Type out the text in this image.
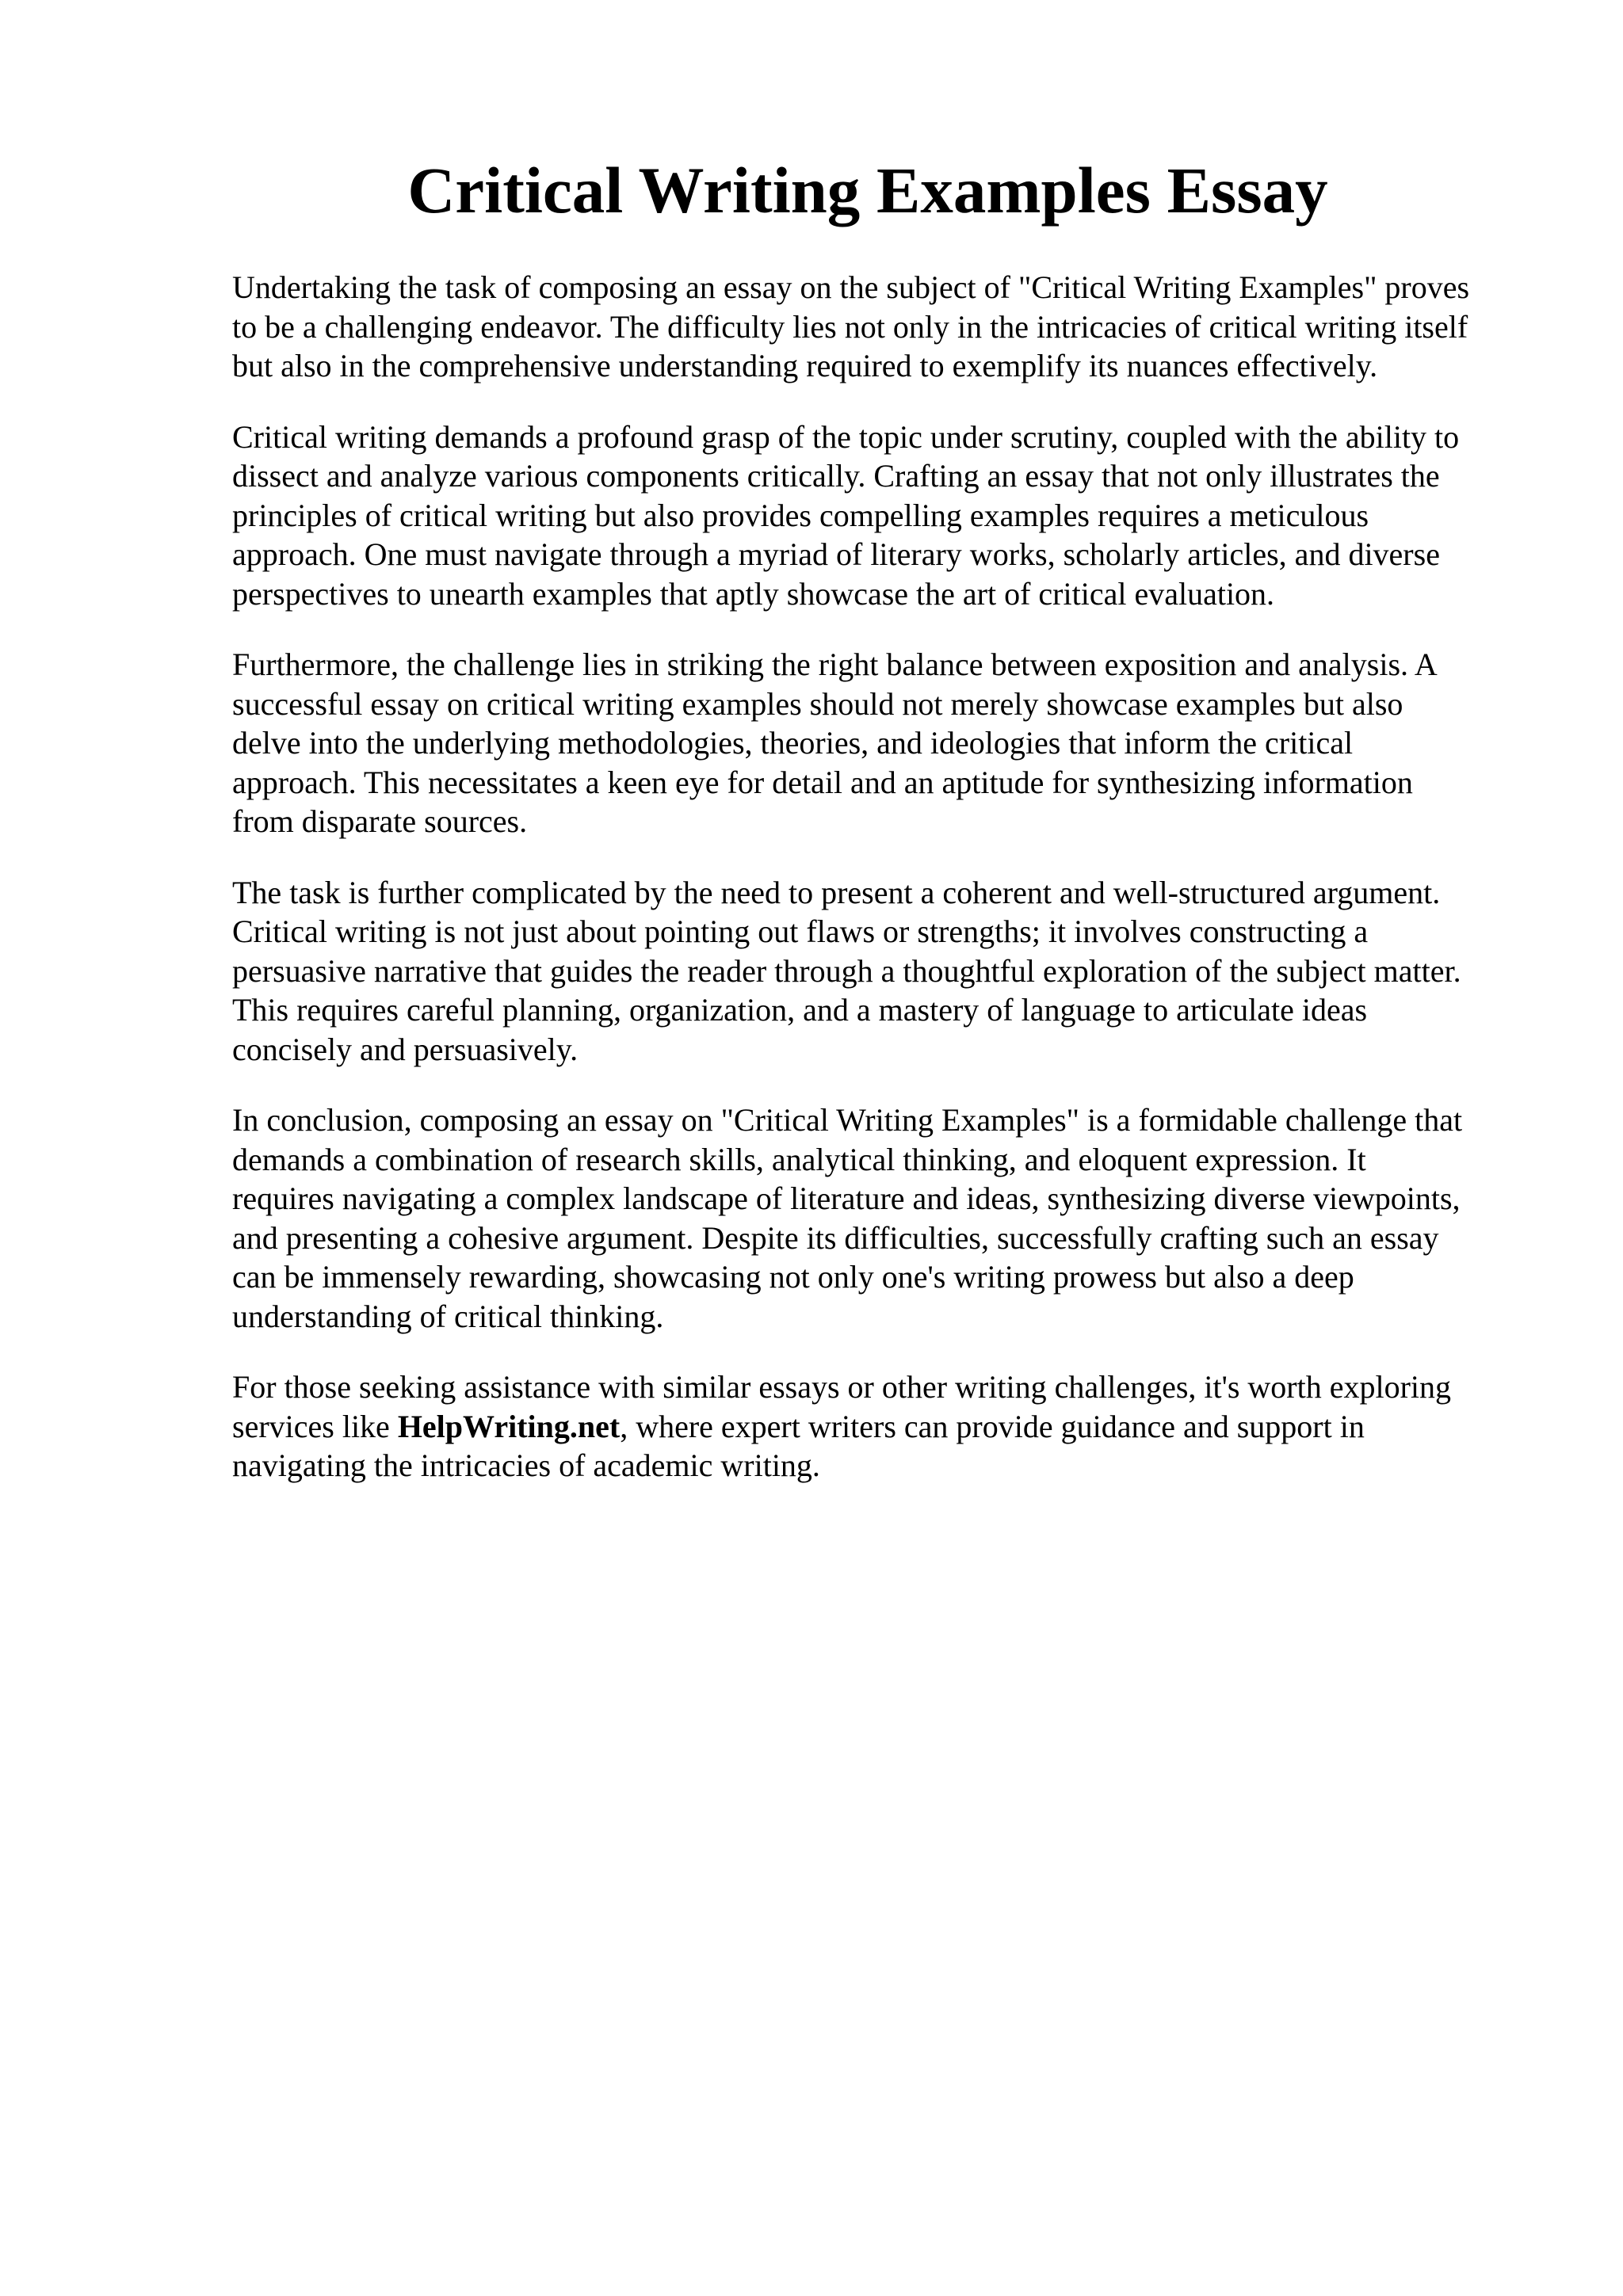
Critical Writing Examples Essay

Undertaking the task of composing an essay on the subject of "Critical Writing Examples" proves
to be a challenging endeavor. The difficulty lies not only in the intricacies of critical writing itself
but also in the comprehensive understanding required to exemplify its nuances effectively.

Critical writing demands a profound grasp of the topic under scrutiny, coupled with the ability to
dissect and analyze various components critically. Crafting an essay that not only illustrates the
principles of critical writing but also provides compelling examples requires a meticulous
approach. One must navigate through a myriad of literary works, scholarly articles, and diverse
perspectives to unearth examples that aptly showcase the art of critical evaluation.

Furthermore, the challenge lies in striking the right balance between exposition and analysis. A
successful essay on critical writing examples should not merely showcase examples but also
delve into the underlying methodologies, theories, and ideologies that inform the critical
approach. This necessitates a keen eye for detail and an aptitude for synthesizing information
from disparate sources.

The task is further complicated by the need to present a coherent and well-structured argument.
Critical writing is not just about pointing out flaws or strengths; it involves constructing a
persuasive narrative that guides the reader through a thoughtful exploration of the subject matter.
This requires careful planning, organization, and a mastery of language to articulate ideas
concisely and persuasively.

In conclusion, composing an essay on "Critical Writing Examples" is a formidable challenge that
demands a combination of research skills, analytical thinking, and eloquent expression. It
requires navigating a complex landscape of literature and ideas, synthesizing diverse viewpoints,
and presenting a cohesive argument. Despite its difficulties, successfully crafting such an essay
can be immensely rewarding, showcasing not only one's writing prowess but also a deep
understanding of critical thinking.

For those seeking assistance with similar essays or other writing challenges, it's worth exploring
services like HelpWriting.net, where expert writers can provide guidance and support in
navigating the intricacies of academic writing.
